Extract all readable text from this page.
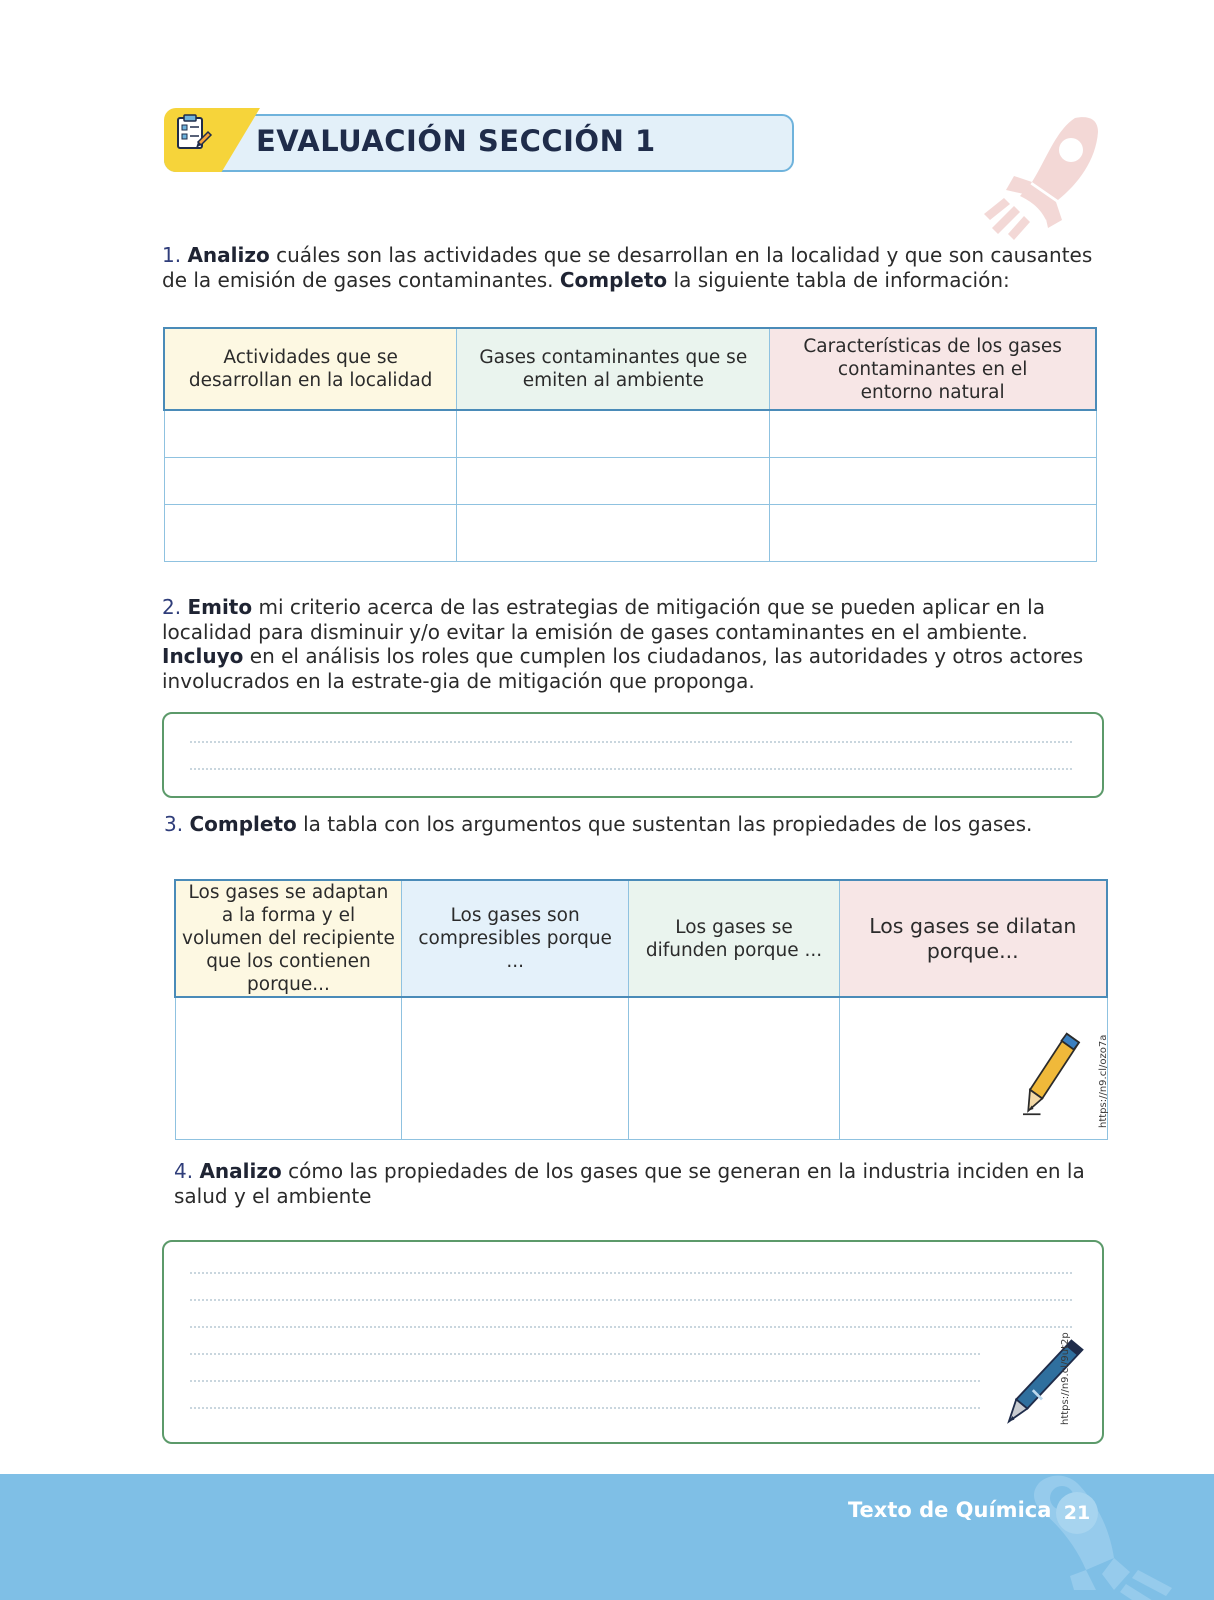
EVALUACIÓN SECCIÓN 1
1. Analizo cuáles son las actividades que se desarrollan en la localidad y que son causantes de la emisión de gases contaminantes. Completo la siguiente tabla de información:
Actividades que se desarrollan en la localidad	Gases contaminantes que se emiten al ambiente	Características de los gases contaminantes en el entorno natural

2. Emito mi criterio acerca de las estrategias de mitigación que se pueden aplicar en la localidad para disminuir y/o evitar la emisión de gases contaminantes en el ambiente. Incluyo en el análisis los roles que cumplen los ciudadanos, las autoridades y otros actores involucrados en la estrate-gia de mitigación que proponga.
3. Completo la tabla con los argumentos que sustentan las propiedades de los gases.
Los gases se adaptan a la forma y el volumen del recipiente que los contienen porque...	Los gases son compresibles porque ...	Los gases se difunden porque ...	Los gases se dilatan porque...

			https://n9.cl/ozo7a
4. Analizo cómo las propiedades de los gases que se generan en la industria inciden en la salud y el ambiente
https://n9.cl/9ut2p
Texto de Química 21
